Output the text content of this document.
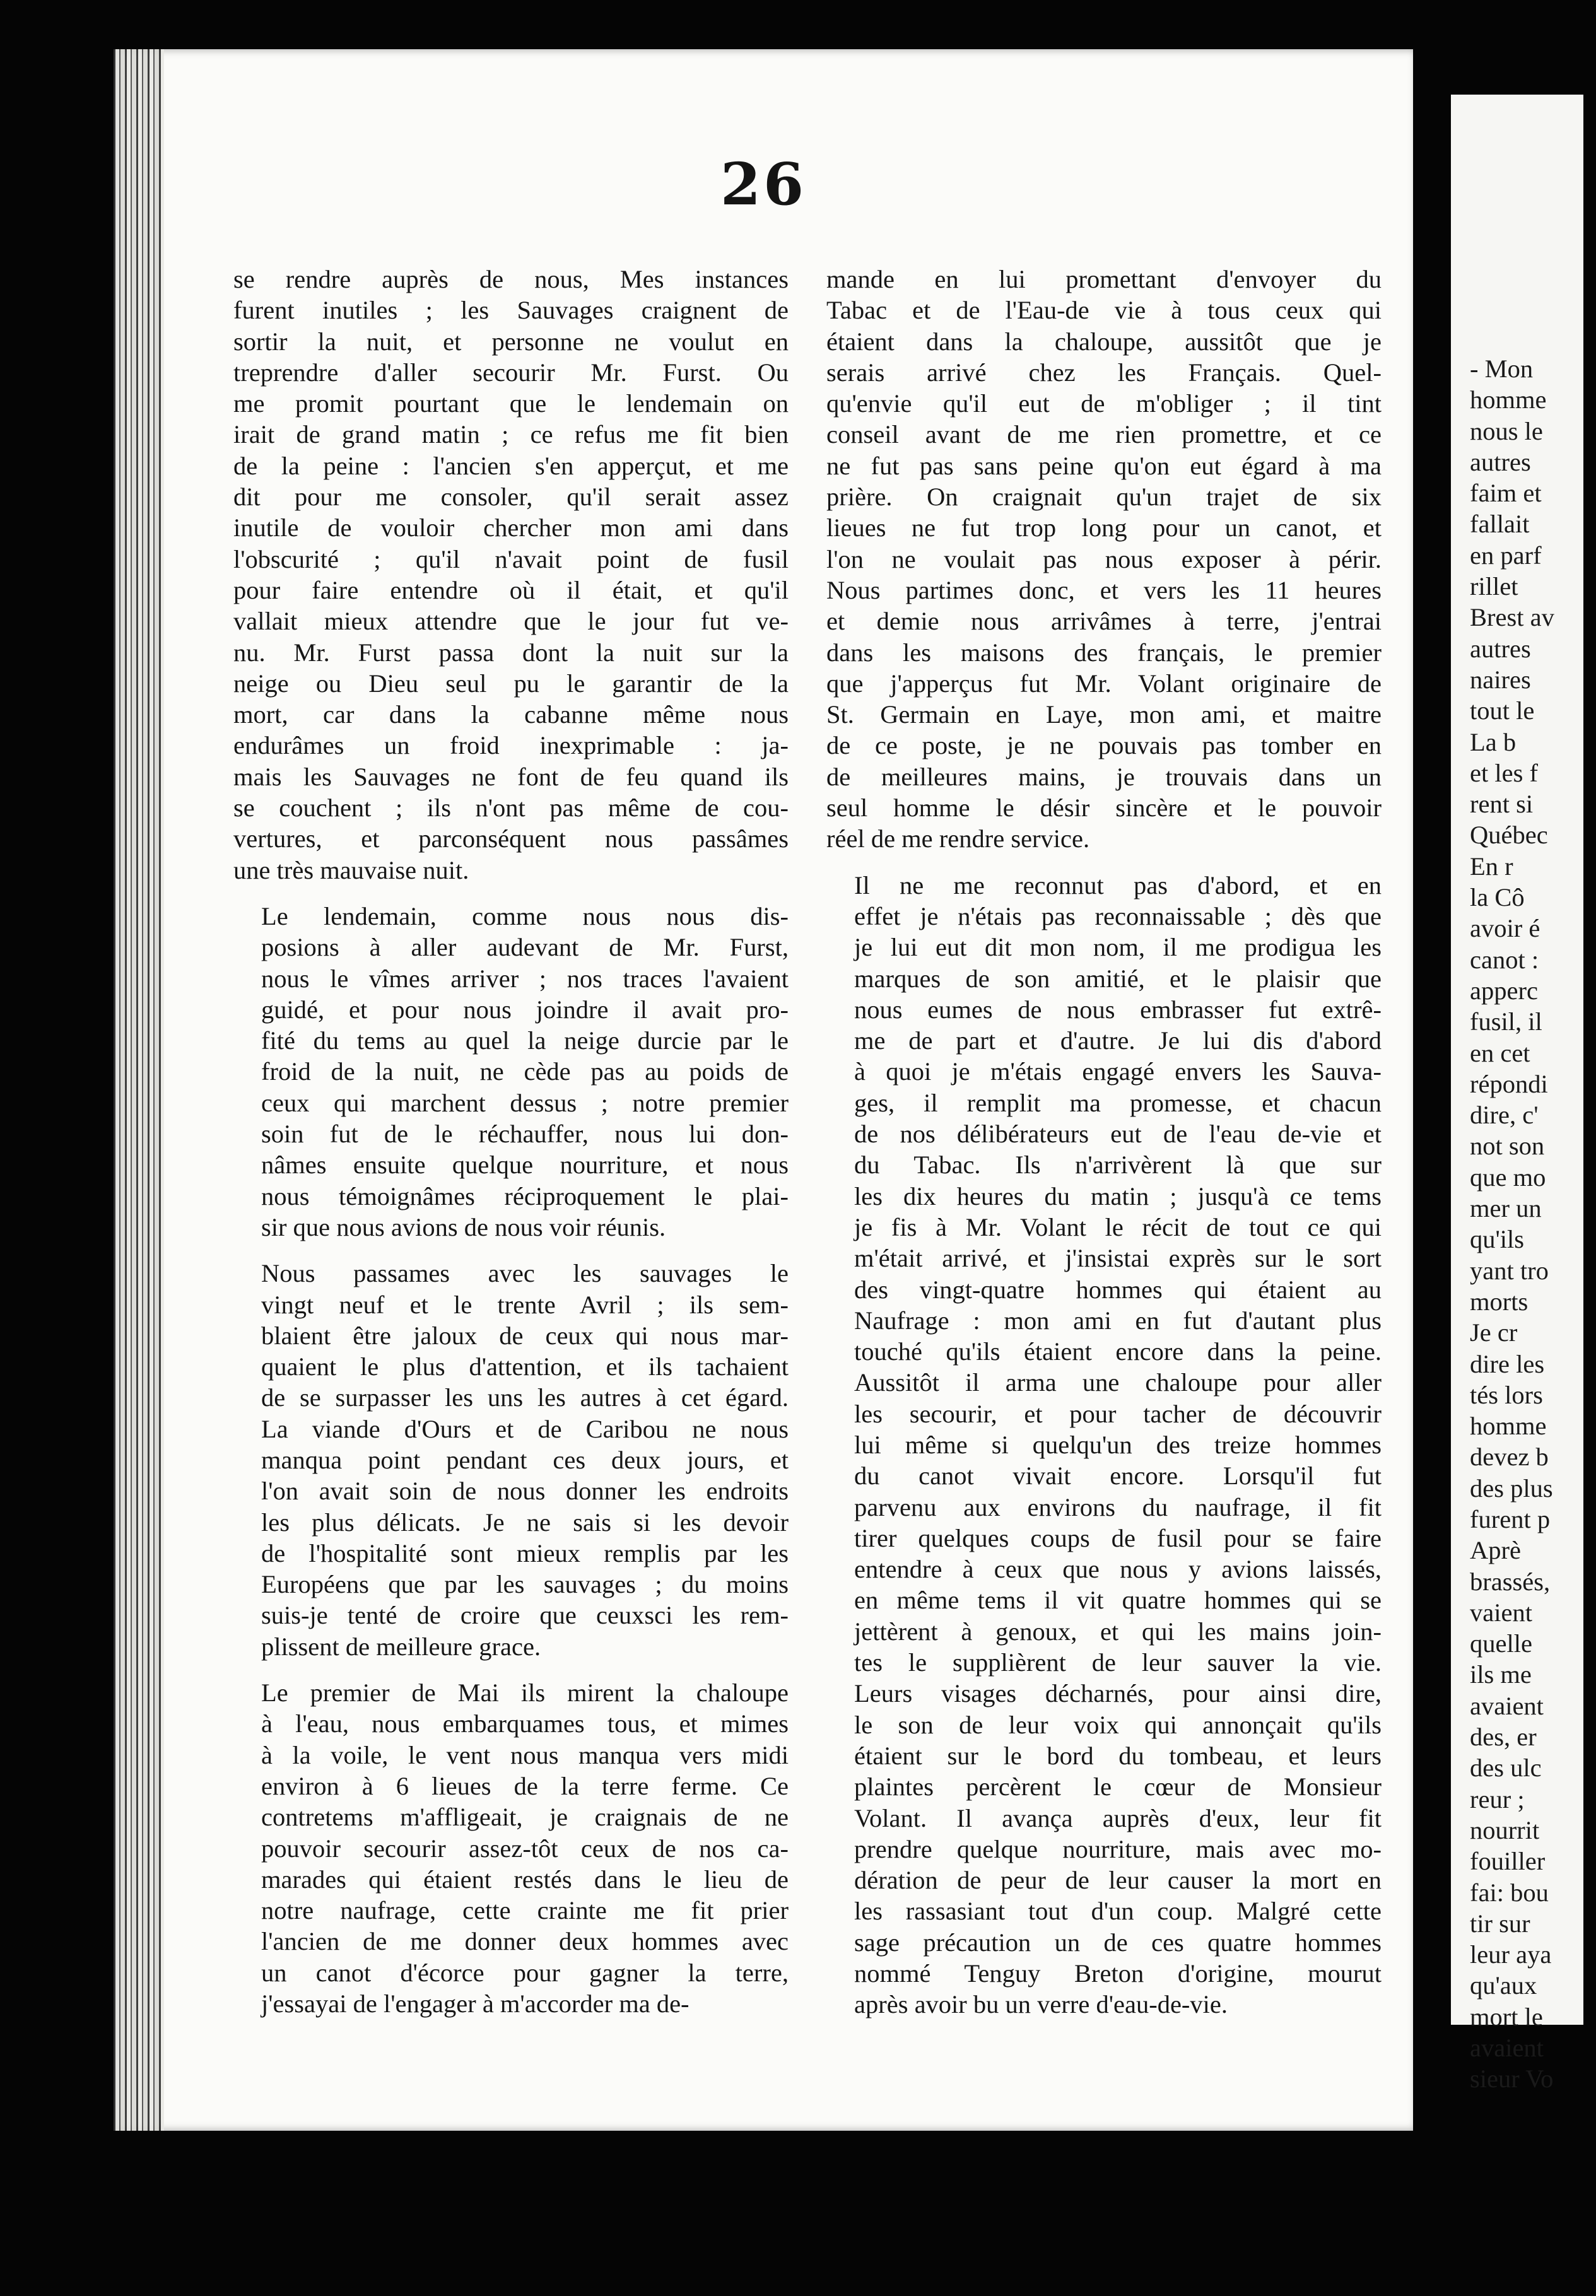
26

se rendre auprès de nous, Mes instances
furent inutiles ; les Sauvages craignent de
sortir la nuit, et personne ne voulut en
treprendre d'aller secourir Mr. Furst. Ou
me promit pourtant que le lendemain on
irait de grand matin ; ce refus me fit bien
de la peine : l'ancien s'en apperçut, et me
dit pour me consoler, qu'il serait assez
inutile de vouloir chercher mon ami dans
l'obscurité ; qu'il n'avait point de fusil
pour faire entendre où il était, et qu'il
vallait mieux attendre que le jour fut ve-
nu. Mr. Furst passa dont la nuit sur la
neige ou Dieu seul pu le garantir de la
mort, car dans la cabanne même nous
endurâmes un froid inexprimable : ja-
mais les Sauvages ne font de feu quand ils
se couchent ; ils n'ont pas même de cou-
vertures, et parconséquent nous passâmes
une très mauvaise nuit.

Le lendemain, comme nous nous dis-
posions à aller audevant de Mr. Furst,
nous le vîmes arriver ; nos traces l'avaient
guidé, et pour nous joindre il avait pro-
fité du tems au quel la neige durcie par le
froid de la nuit, ne cède pas au poids de
ceux qui marchent dessus ; notre premier
soin fut de le réchauffer, nous lui don-
nâmes ensuite quelque nourriture, et nous
nous témoignâmes réciproquement le plai-
sir que nous avions de nous voir réunis.

Nous passames avec les sauvages le
vingt neuf et le trente Avril ; ils sem-
blaient être jaloux de ceux qui nous mar-
quaient le plus d'attention, et ils tachaient
de se surpasser les uns les autres à cet égard.
La viande d'Ours et de Caribou ne nous
manqua point pendant ces deux jours, et
l'on avait soin de nous donner les endroits
les plus délicats. Je ne sais si les devoir
de l'hospitalité sont mieux remplis par les
Européens que par les sauvages ; du moins
suis-je tenté de croire que ceuxsci les rem-
plissent de meilleure grace.

Le premier de Mai ils mirent la chaloupe
à l'eau, nous embarquames tous, et mimes
à la voile, le vent nous manqua vers midi
environ à 6 lieues de la terre ferme. Ce
contretems m'affligeait, je craignais de ne
pouvoir secourir assez-tôt ceux de nos ca-
marades qui étaient restés dans le lieu de
notre naufrage, cette crainte me fit prier
l'ancien de me donner deux hommes avec
un canot d'écorce pour gagner la terre,
j'essayai de l'engager à m'accorder ma de-

mande en lui promettant d'envoyer du
Tabac et de l'Eau-de vie à tous ceux qui
étaient dans la chaloupe, aussitôt que je
serais arrivé chez les Français. Quel-
qu'envie qu'il eut de m'obliger ; il tint
conseil avant de me rien promettre, et ce
ne fut pas sans peine qu'on eut égard à ma
prière. On craignait qu'un trajet de six
lieues ne fut trop long pour un canot, et
l'on ne voulait pas nous exposer à périr.
Nous partimes donc, et vers les 11 heures
et demie nous arrivâmes à terre, j'entrai
dans les maisons des français, le premier
que j'apperçus fut Mr. Volant originaire de
St. Germain en Laye, mon ami, et maitre
de ce poste, je ne pouvais pas tomber en
de meilleures mains, je trouvais dans un
seul homme le désir sincère et le pouvoir
réel de me rendre service.

Il ne me reconnut pas d'abord, et en
effet je n'étais pas reconnaissable ; dès que
je lui eut dit mon nom, il me prodigua les
marques de son amitié, et le plaisir que
nous eumes de nous embrasser fut extrê-
me de part et d'autre. Je lui dis d'abord
à quoi je m'étais engagé envers les Sauva-
ges, il remplit ma promesse, et chacun
de nos délibérateurs eut de l'eau de-vie et
du Tabac. Ils n'arrivèrent là que sur
les dix heures du matin ; jusqu'à ce tems
je fis à Mr. Volant le récit de tout ce qui
m'était arrivé, et j'insistai exprès sur le sort
des vingt-quatre hommes qui étaient au
Naufrage : mon ami en fut d'autant plus
touché qu'ils étaient encore dans la peine.
Aussitôt il arma une chaloupe pour aller
les secourir, et pour tacher de découvrir
lui même si quelqu'un des treize hommes
du canot vivait encore. Lorsqu'il fut
parvenu aux environs du naufrage, il fit
tirer quelques coups de fusil pour se faire
entendre à ceux que nous y avions laissés,
en même tems il vit quatre hommes qui se
jettèrent à genoux, et qui les mains join-
tes le supplièrent de leur sauver la vie.
Leurs visages décharnés, pour ainsi dire,
le son de leur voix qui annonçait qu'ils
étaient sur le bord du tombeau, et leurs
plaintes percèrent le cœur de Monsieur
Volant. Il avança auprès d'eux, leur fit
prendre quelque nourriture, mais avec mo-
dération de peur de leur causer la mort en
les rassasiant tout d'un coup. Malgré cette
sage précaution un de ces quatre hommes
nommé Tenguy Breton d'origine, mourut
après avoir bu un verre d'eau-de-vie.

- Mon
homme
nous le
autres
faim et
fallait
en parf
rillet
Brest av
autres
naires
tout le
La b
et les f
rent si
Québec
En r
la Cô
avoir é
canot :
apperc
fusil, il
en cet
répondi
dire, c'
not son
que mo
mer un
qu'ils
yant tro
morts
Je cr
dire les
tés lors
homme
devez b
des plus
furent p
Aprè
brassés,
vaient
quelle
ils me
avaient
des, er
des ulc
reur ;
nourrit
fouiller
fai: bou
tir sur
leur aya
qu'aux
mort le
avaient
sieur Vo
